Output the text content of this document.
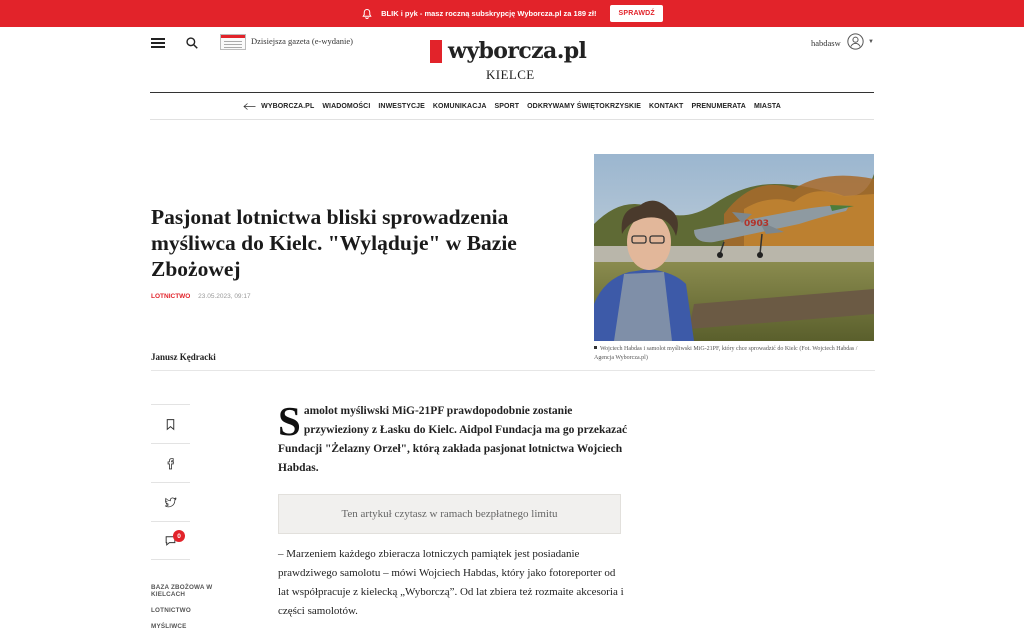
BLIK i pyk - masz roczną subskrypcję Wyborcza.pl za 189 zł!	SPRAWDŹ
Dzisiejsza gazeta (e-wydanie)	wyborcza.pl
KIELCE
habdasw	▼
WYBORCZA.PL WIADOMOŚCI INWESTYCJE KOMUNIKACJA SPORT ODKRYWAMY ŚWIĘTOKRZYSKIE KONTAKT PRENUMERATA MIASTA
Pasjonat lotnictwa bliski sprowadzenia myśliwca do Kielc. "Wyląduje" w Bazie Zbożowej
LOTNICTWO 23.05.2023, 09:17
Janusz Kędracki
0903

Wojciech Habdas i samolot myśliwski MiG-21PF, który chce sprowadzić do Kielc (Fot. Wojciech Habdas / Agencja Wyborcza.pl)

0
BAZA ZBOŻOWA W KIELCACH
LOTNICTWO
MYŚLIWCE

Samolot myśliwski MiG-21PF prawdopodobnie zostanie przywieziony z Łasku do Kielc. Aidpol Fundacja ma go przekazać Fundacji "Żelazny Orzeł", którą zakłada pasjonat lotnictwa Wojciech Habdas.

Ten artykuł czytasz w ramach bezpłatnego limitu

– Marzeniem każdego zbieracza lotniczych pamiątek jest posiadanie prawdziwego samolotu – mówi Wojciech Habdas, który jako fotoreporter od lat współpracuje z kielecką „Wyborczą”. Od lat zbiera też rozmaite akcesoria i części samolotów.
